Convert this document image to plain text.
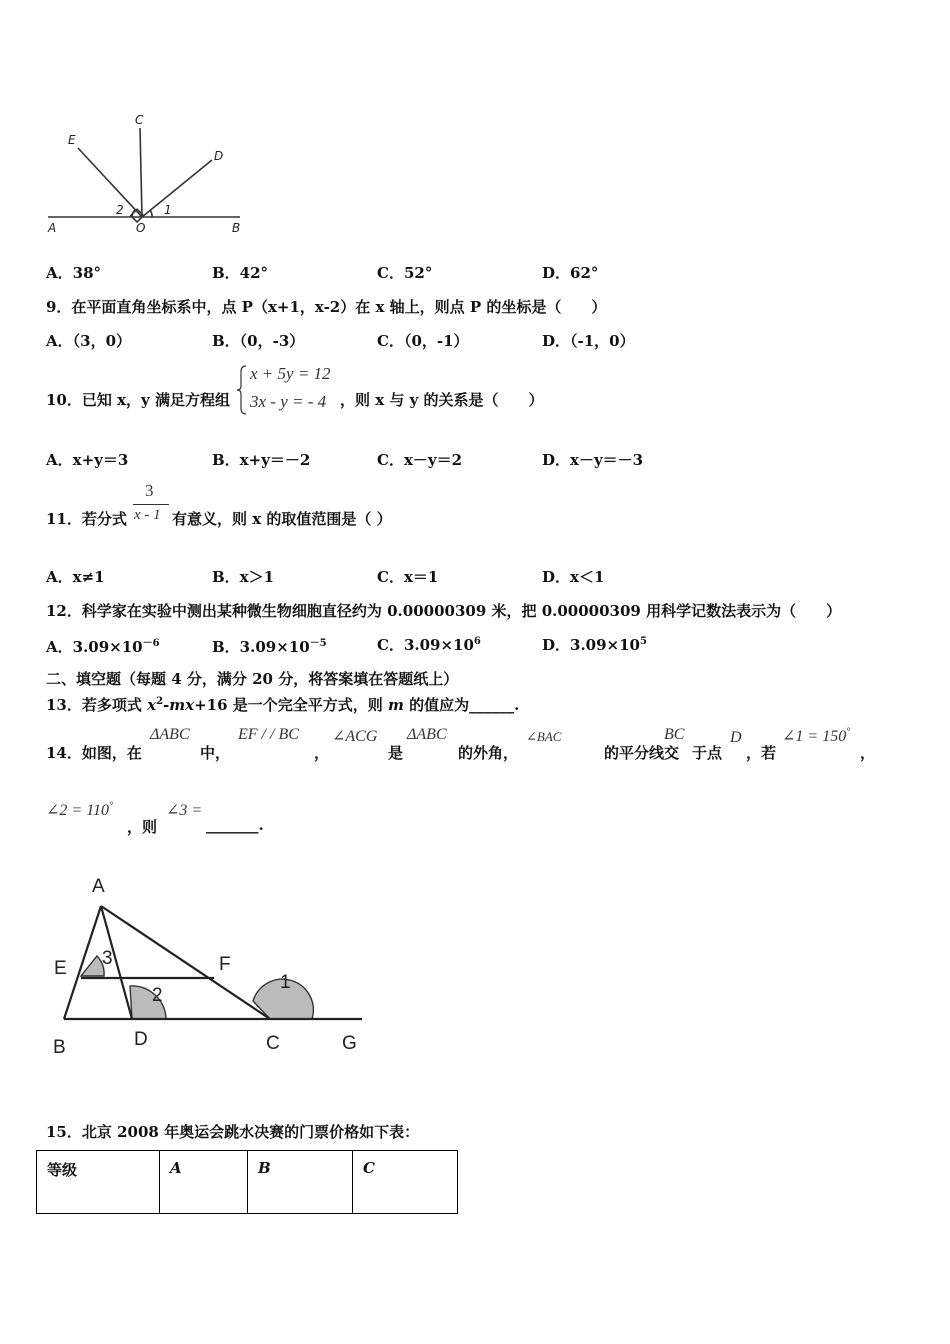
C
E
D
A	O	B
1
2
A．38°	B．42°	C．52°	D．62°
9．在平面直角坐标系中，点 P（x+1，x-2）在 x 轴上，则点 P 的坐标是（　　）
A．（3，0）	B．（0，-3）	C．（0，-1）	D．（-1，0）
10．已知 x，y 满足方程组
x + 5y = 12
3x - y = - 4 ，则 x 与 y 的关系是（　　）
A．x+y＝3	B．x+y＝－2	C．x－y＝2	D．x－y＝－3
11．若分式
3
x - 1 有意义，则 x 的取值范围是（ ）
A．x≠1	B．x＞1	C．x＝1	D．x＜1
12．科学家在实验中测出某种微生物细胞直径约为 0.00000309 米，把 0.00000309 用科学记数法表示为（　　）
A．$3.09\times 10^{-6}$	B．$3.09\times 10^{-5}$	C．$3.09\times 10^6$	D．$3.09\times 10^5$
二、填空题（每题 4 分，满分 20 分，将答案填在答题纸上）
13．若多项式 $x^2-mx+16$ 是一个完全平方式，则 m 的值应为______.
14．如图，在
ΔABC
中，
EF / / BC
，
∠ACG
是
ΔABC
的外角，
∠BAC
的平分线交
BC
于点
D
，若
∠1 = 150°
，
∠2 = 110°
，则
∠3 =
_______.
A
E	F
B	D	C	G
1
2
3
15．北京 2008 年奥运会跳水决赛的门票价格如下表：
等级	A	B	C
